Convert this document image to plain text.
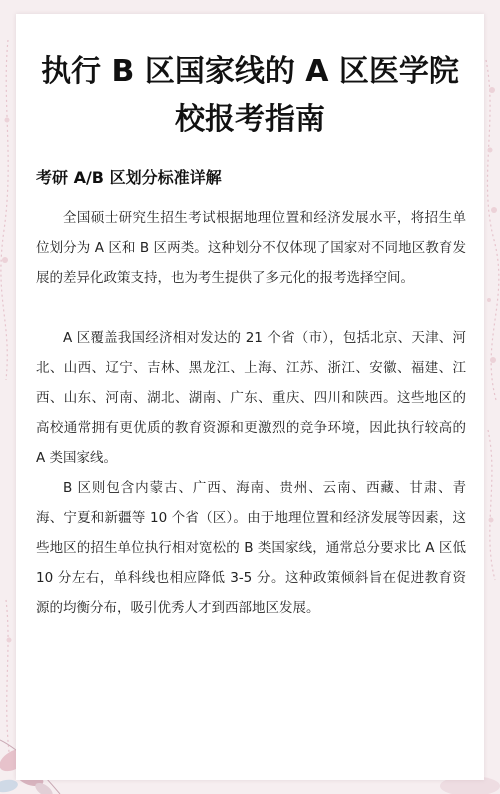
执行 B 区国家线的 A 区医学院
校报考指南
考研 A/B 区划分标准详解

全国硕士研究生招生考试根据地理位置和经济发展水平，将招生单位划分为 A 区和 B 区两类。这种划分不仅体现了国家对不同地区教育发展的差异化政策支持，也为考生提供了多元化的报考选择空间。

A 区覆盖我国经济相对发达的 21 个省（市），包括北京、天津、河北、山西、辽宁、吉林、黑龙江、上海、江苏、浙江、安徽、福建、江西、山东、河南、湖北、湖南、广东、重庆、四川和陕西。这些地区的高校通常拥有更优质的教育资源和更激烈的竞争环境，因此执行较高的 A 类国家线。

B 区则包含内蒙古、广西、海南、贵州、云南、西藏、甘肃、青海、宁夏和新疆等 10 个省（区）。由于地理位置和经济发展等因素，这些地区的招生单位执行相对宽松的 B 类国家线，通常总分要求比 A 区低 10 分左右，单科线也相应降低 3-5 分。这种政策倾斜旨在促进教育资源的均衡分布，吸引优秀人才到西部地区发展。
